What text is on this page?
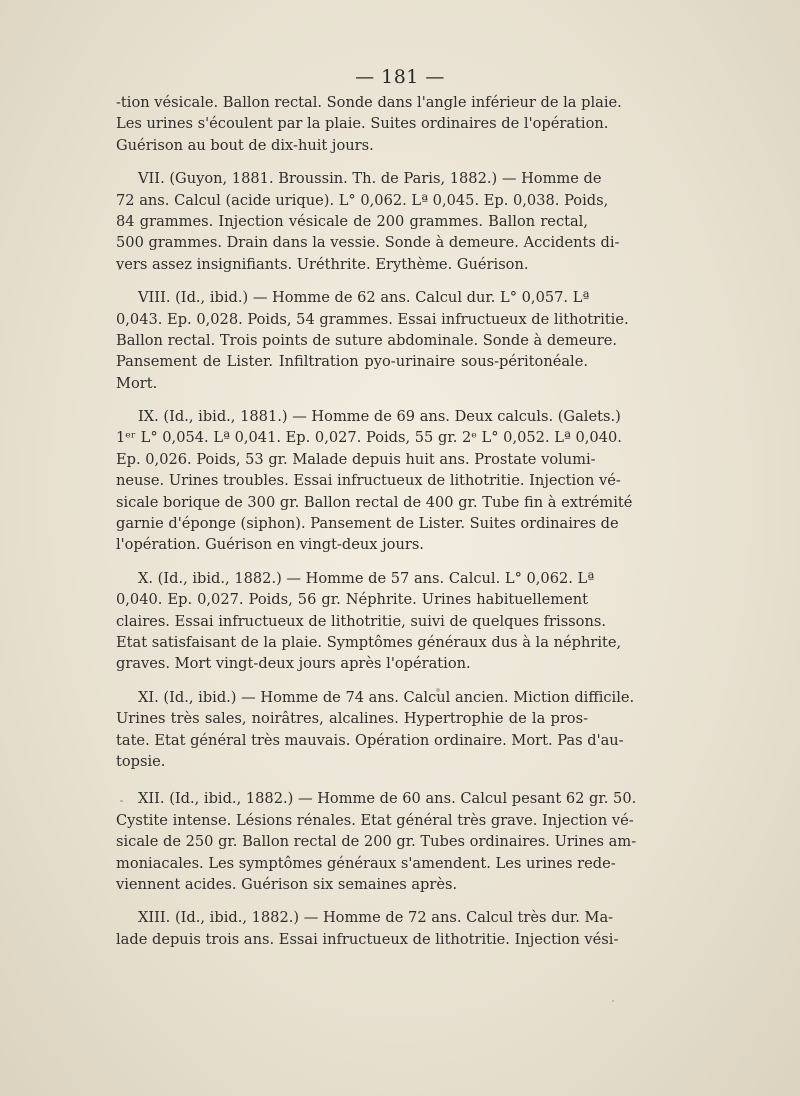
— 181 —
-tion vésicale. Ballon rectal. Sonde dans l'angle inférieur de la plaie.
Les urines s'écoulent par la plaie. Suites ordinaires de l'opération.
Guérison au bout de dix-huit jours.
VII. (Guyon, 1881. Broussin. Th. de Paris, 1882.) — Homme de
72 ans. Calcul (acide urique). L° 0,062. Lª 0,045. Ep. 0,038. Poids,
84 grammes. Injection vésicale de 200 grammes. Ballon rectal,
500 grammes. Drain dans la vessie. Sonde à demeure. Accidents di-
vers assez insignifiants. Uréthrite. Erythème. Guérison.
VIII. (Id., ibid.) — Homme de 62 ans. Calcul dur. L° 0,057. Lª
0,043. Ep. 0,028. Poids, 54 grammes. Essai infructueux de lithotritie.
Ballon rectal. Trois points de suture abdominale. Sonde à demeure.
Pansement de Lister. Infiltration pyo-urinaire sous-péritonéale.
Mort.
IX. (Id., ibid., 1881.) — Homme de 69 ans. Deux calculs. (Galets.)
1ᵉʳ L° 0,054. Lª 0,041. Ep. 0,027. Poids, 55 gr. 2ᵉ L° 0,052. Lª 0,040.
Ep. 0,026. Poids, 53 gr. Malade depuis huit ans. Prostate volumi-
neuse. Urines troubles. Essai infructueux de lithotritie. Injection vé-
sicale borique de 300 gr. Ballon rectal de 400 gr. Tube fin à extrémité
garnie d'éponge (siphon). Pansement de Lister. Suites ordinaires de
l'opération. Guérison en vingt-deux jours.
X. (Id., ibid., 1882.) — Homme de 57 ans. Calcul. L° 0,062. Lª
0,040. Ep. 0,027. Poids, 56 gr. Néphrite. Urines habituellement
claires. Essai infructueux de lithotritie, suivi de quelques frissons.
Etat satisfaisant de la plaie. Symptômes généraux dus à la néphrite,
graves. Mort vingt-deux jours après l'opération.
XI. (Id., ibid.) — Homme de 74 ans. Calcul ancien. Miction difficile.
Urines très sales, noirâtres, alcalines. Hypertrophie de la pros-
tate. Etat général très mauvais. Opération ordinaire. Mort. Pas d'au-
topsie.
XII. (Id., ibid., 1882.) — Homme de 60 ans. Calcul pesant 62 gr. 50.
Cystite intense. Lésions rénales. Etat général très grave. Injection vé-
sicale de 250 gr. Ballon rectal de 200 gr. Tubes ordinaires. Urines am-
moniacales. Les symptômes généraux s'amendent. Les urines rede-
viennent acides. Guérison six semaines après.
XIII. (Id., ibid., 1882.) — Homme de 72 ans. Calcul très dur. Ma-
lade depuis trois ans. Essai infructueux de lithotritie. Injection vési-
